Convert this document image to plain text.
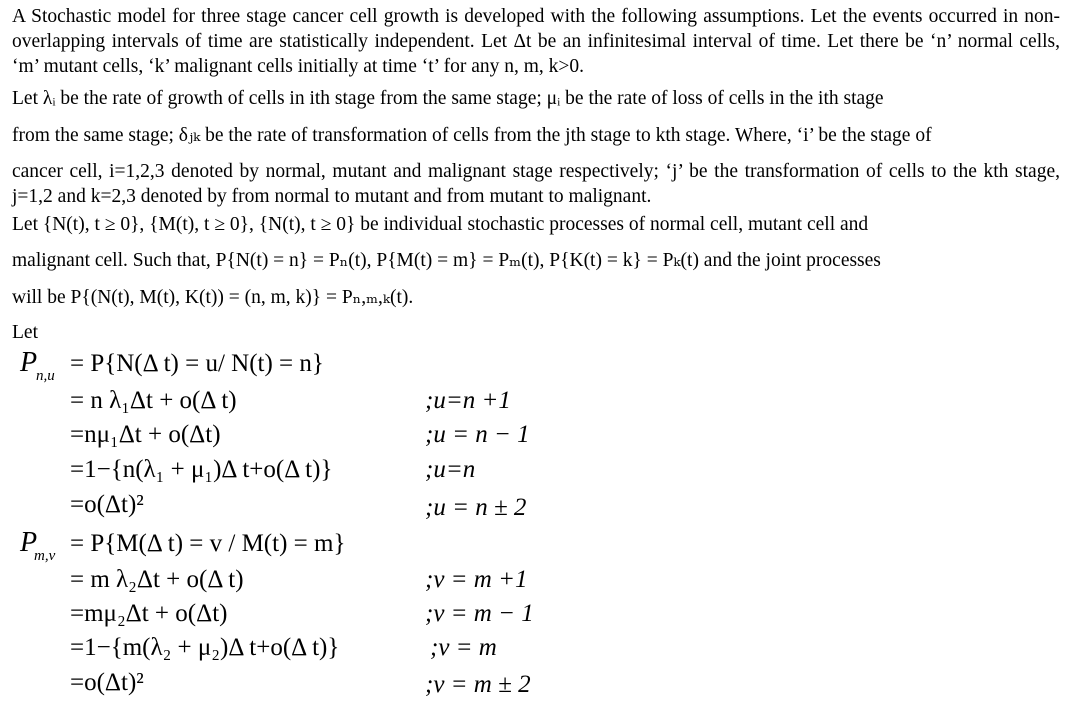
A Stochastic model for three stage cancer cell growth is developed with the following assumptions. Let the events occurred in non-overlapping intervals of time are statistically independent. Let Δt be an infinitesimal interval of time. Let there be ‘n’ normal cells, ‘m’ mutant cells, ‘k’ malignant cells initially at time ‘t’ for any n, m, k>0.
Let λᵢ be the rate of growth of cells in ith stage from the same stage; μᵢ be the rate of loss of cells in the ith stage
from the same stage; δⱼₖ be the rate of transformation of cells from the jth stage to kth stage. Where, ‘i’ be the stage of
cancer cell, i=1,2,3 denoted by normal, mutant and malignant stage respectively; ‘j’ be the transformation of cells to the kth stage, j=1,2 and k=2,3 denoted by from normal to mutant and from mutant to malignant.
Let {N(t), t ≥ 0}, {M(t), t ≥ 0}, {N(t), t ≥ 0} be individual stochastic processes of normal cell, mutant cell and
malignant cell. Such that, P{N(t) = n} = Pₙ(t), P{M(t) = m} = Pₘ(t), P{K(t) = k} = Pₖ(t) and the joint processes
will be P{(N(t), M(t), K(t)) = (n, m, k)} = Pₙ,ₘ,ₖ(t).
Let
P
n,u = P{N(Δ t) = u/ N(t) = n}
= n λ₁Δt + o(Δ t)	;u=n +1
=nμ₁Δt + o(Δt)	;u = n − 1
=1−{n(λ₁ + μ₁)Δ t+o(Δ t)}	;u=n
=o(Δt)²	;u = n ± 2
P
m,v = P{M(Δ t) = v / M(t) = m}
= m λ₂Δt + o(Δ t)	;v = m +1
=mμ₂Δt + o(Δt)	;v = m − 1
=1−{m(λ₂ + μ₂)Δ t+o(Δ t)}	;v = m
=o(Δt)²	;v = m ± 2
